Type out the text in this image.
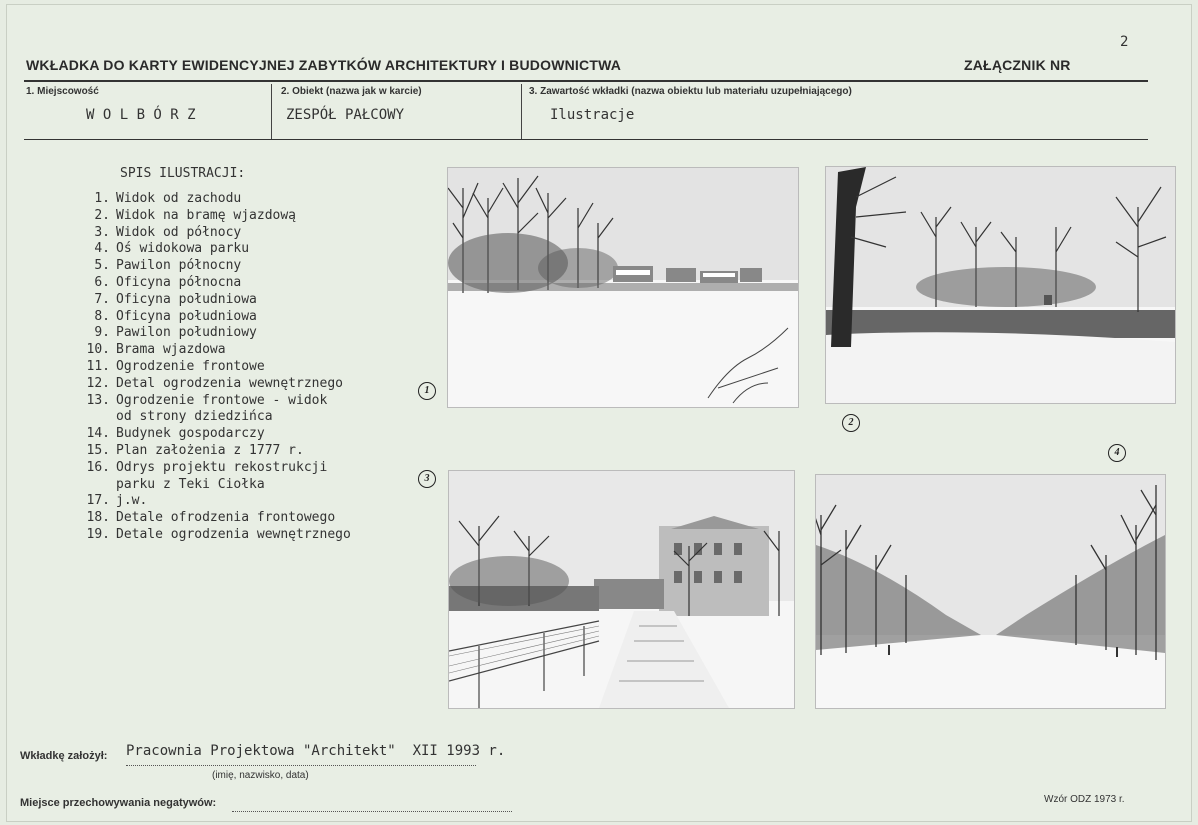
2
WKŁADKA DO KARTY EWIDENCYJNEJ ZABYTKÓW ARCHITEKTURY I BUDOWNICTWA	ZAŁĄCZNIK NR
1. Miejscowość
W O L B Ó R Z
2. Obiekt (nazwa jak w karcie)
ZESPÓŁ PAŁCOWY
3. Zawartość wkładki (nazwa obiektu lub materiału uzupełniającego)
Ilustracje
SPIS ILUSTRACJI:
1. Widok od zachodu
2. Widok na bramę wjazdową
3. Widok od północy
4. Oś widokowa parku
5. Pawilon północny
6. Oficyna północna
7. Oficyna południowa
8. Oficyna południowa
9. Pawilon południowy
10. Brama wjazdowa
11. Ogrodzenie frontowe
12. Detal ogrodzenia wewnętrznego
13. Ogrodzenie frontowe - widok
od strony dziedzińca
14. Budynek gospodarczy
15. Plan założenia z 1777 r.
16. Odrys projektu rekostrukcji
parku z Teki Ciołka
17. j.w.
18. Detale ofrodzenia frontowego
19. Detale ogrodzenia wewnętrznego
1
2
3
4
Wkładkę założył: Pracownia Projektowa "Architekt"  XII 1993 r.
(imię, nazwisko, data)
Miejsce przechowywania negatywów:	Wzór ODZ 1973 r.
